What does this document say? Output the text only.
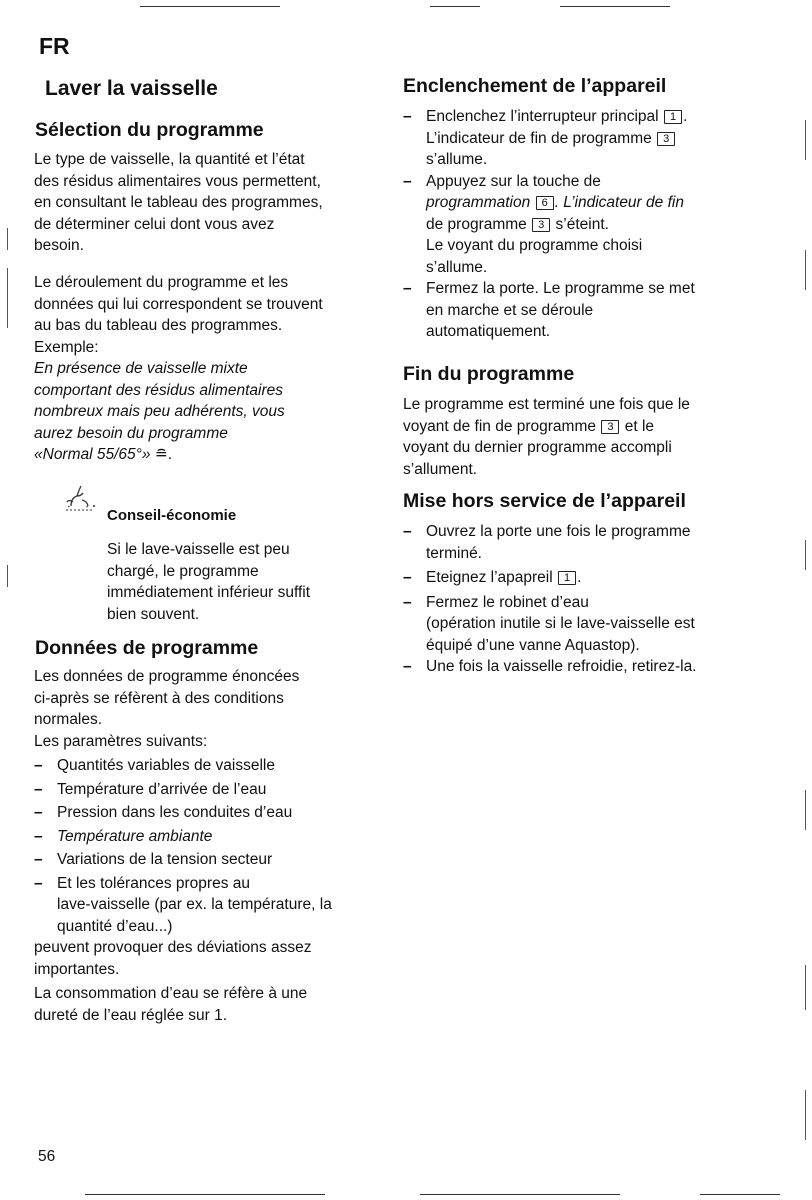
FR
Laver la vaisselle
Sélection du programme
Le type de vaisselle, la quantité et l’état
des résidus alimentaires vous permettent,
en consultant le tableau des programmes,
de déterminer celui dont vous avez
besoin.
Le déroulement du programme et les
données qui lui correspondent se trouvent
au bas du tableau des programmes.
Exemple:
En présence de vaisselle mixte
comportant des résidus alimentaires
nombreux mais peu adhérents, vous
aurez besoin du programme
«Normal 55/65°» ≘.
Conseil-économie
Si le lave-vaisselle est peu
chargé, le programme
immédiatement inférieur suffit
bien souvent.
Données de programme
Les données de programme énoncées
ci-après se réfèrent à des conditions
normales.
Les paramètres suivants:
– Quantités variables de vaisselle
– Température d’arrivée de l’eau
– Pression dans les conduites d’eau
– Température ambiante
– Variations de la tension secteur
– Et les tolérances propres au
lave-vaisselle (par ex. la température, la
quantité d’eau...)
peuvent provoquer des déviations assez
importantes.
La consommation d’eau se réfère à une
dureté de l’eau réglée sur 1.
56
Enclenchement de l’appareil
– Enclenchez l’interrupteur principal 1 .
L’indicateur de fin de programme 3
s’allume.
– Appuyez sur la touche de
programmation 6 . L’indicateur de fin
de programme 3 s’éteint.
Le voyant du programme choisi
s’allume.
– Fermez la porte. Le programme se met
en marche et se déroule
automatiquement.
Fin du programme
Le programme est terminé une fois que le
voyant de fin de programme 3 et le
voyant du dernier programme accompli
s’allument.
Mise hors service de l’appareil
– Ouvrez la porte une fois le programme
terminé.
– Eteignez l’apapreil 1 .
– Fermez le robinet d’eau
(opération inutile si le lave-vaisselle est
équipé d’une vanne Aquastop).
– Une fois la vaisselle refroidie, retirez-la.
